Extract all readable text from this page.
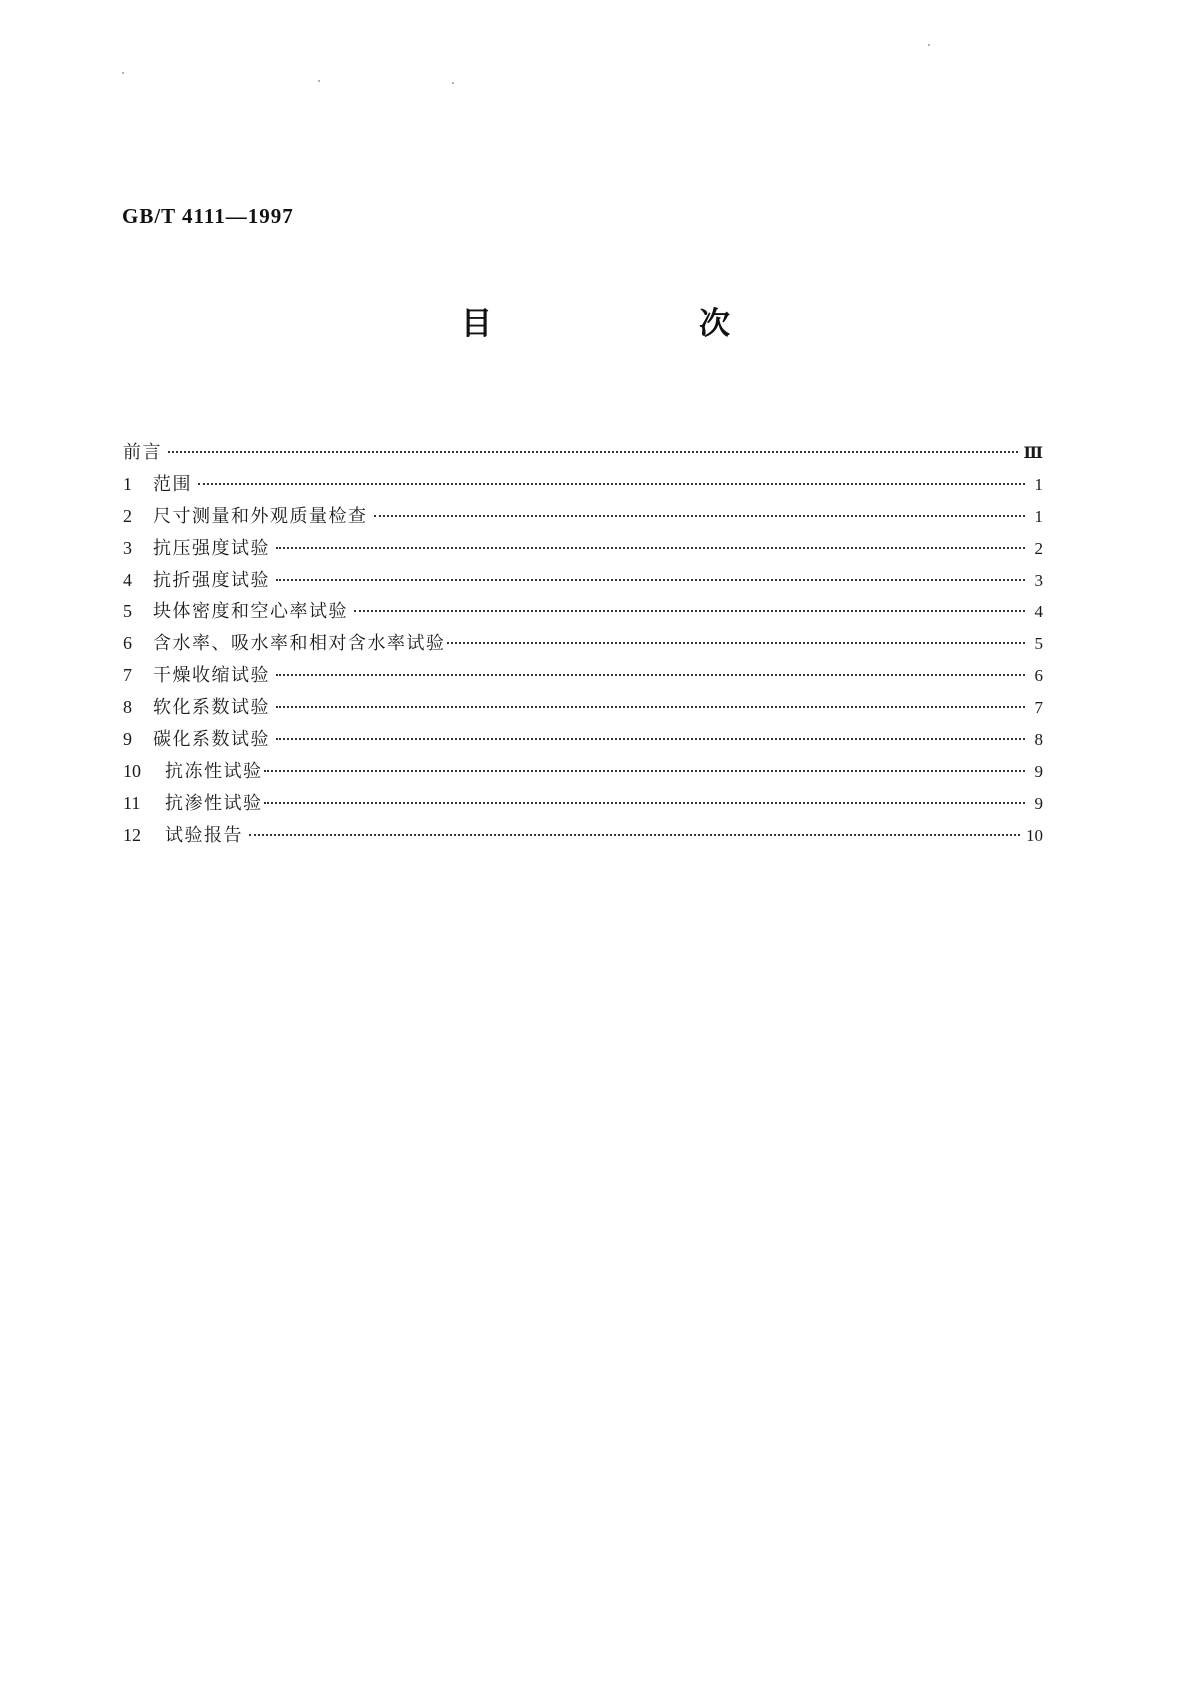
GB/T 4111—1997
目　次
前言	Ⅲ
1	范围	1
2	尺寸测量和外观质量检查	1
3	抗压强度试验	2
4	抗折强度试验	3
5	块体密度和空心率试验	4
6	含水率、吸水率和相对含水率试验	5
7	干燥收缩试验	6
8	软化系数试验	7
9	碳化系数试验	8
10	抗冻性试验	9
11	抗渗性试验	9
12	试验报告	10
